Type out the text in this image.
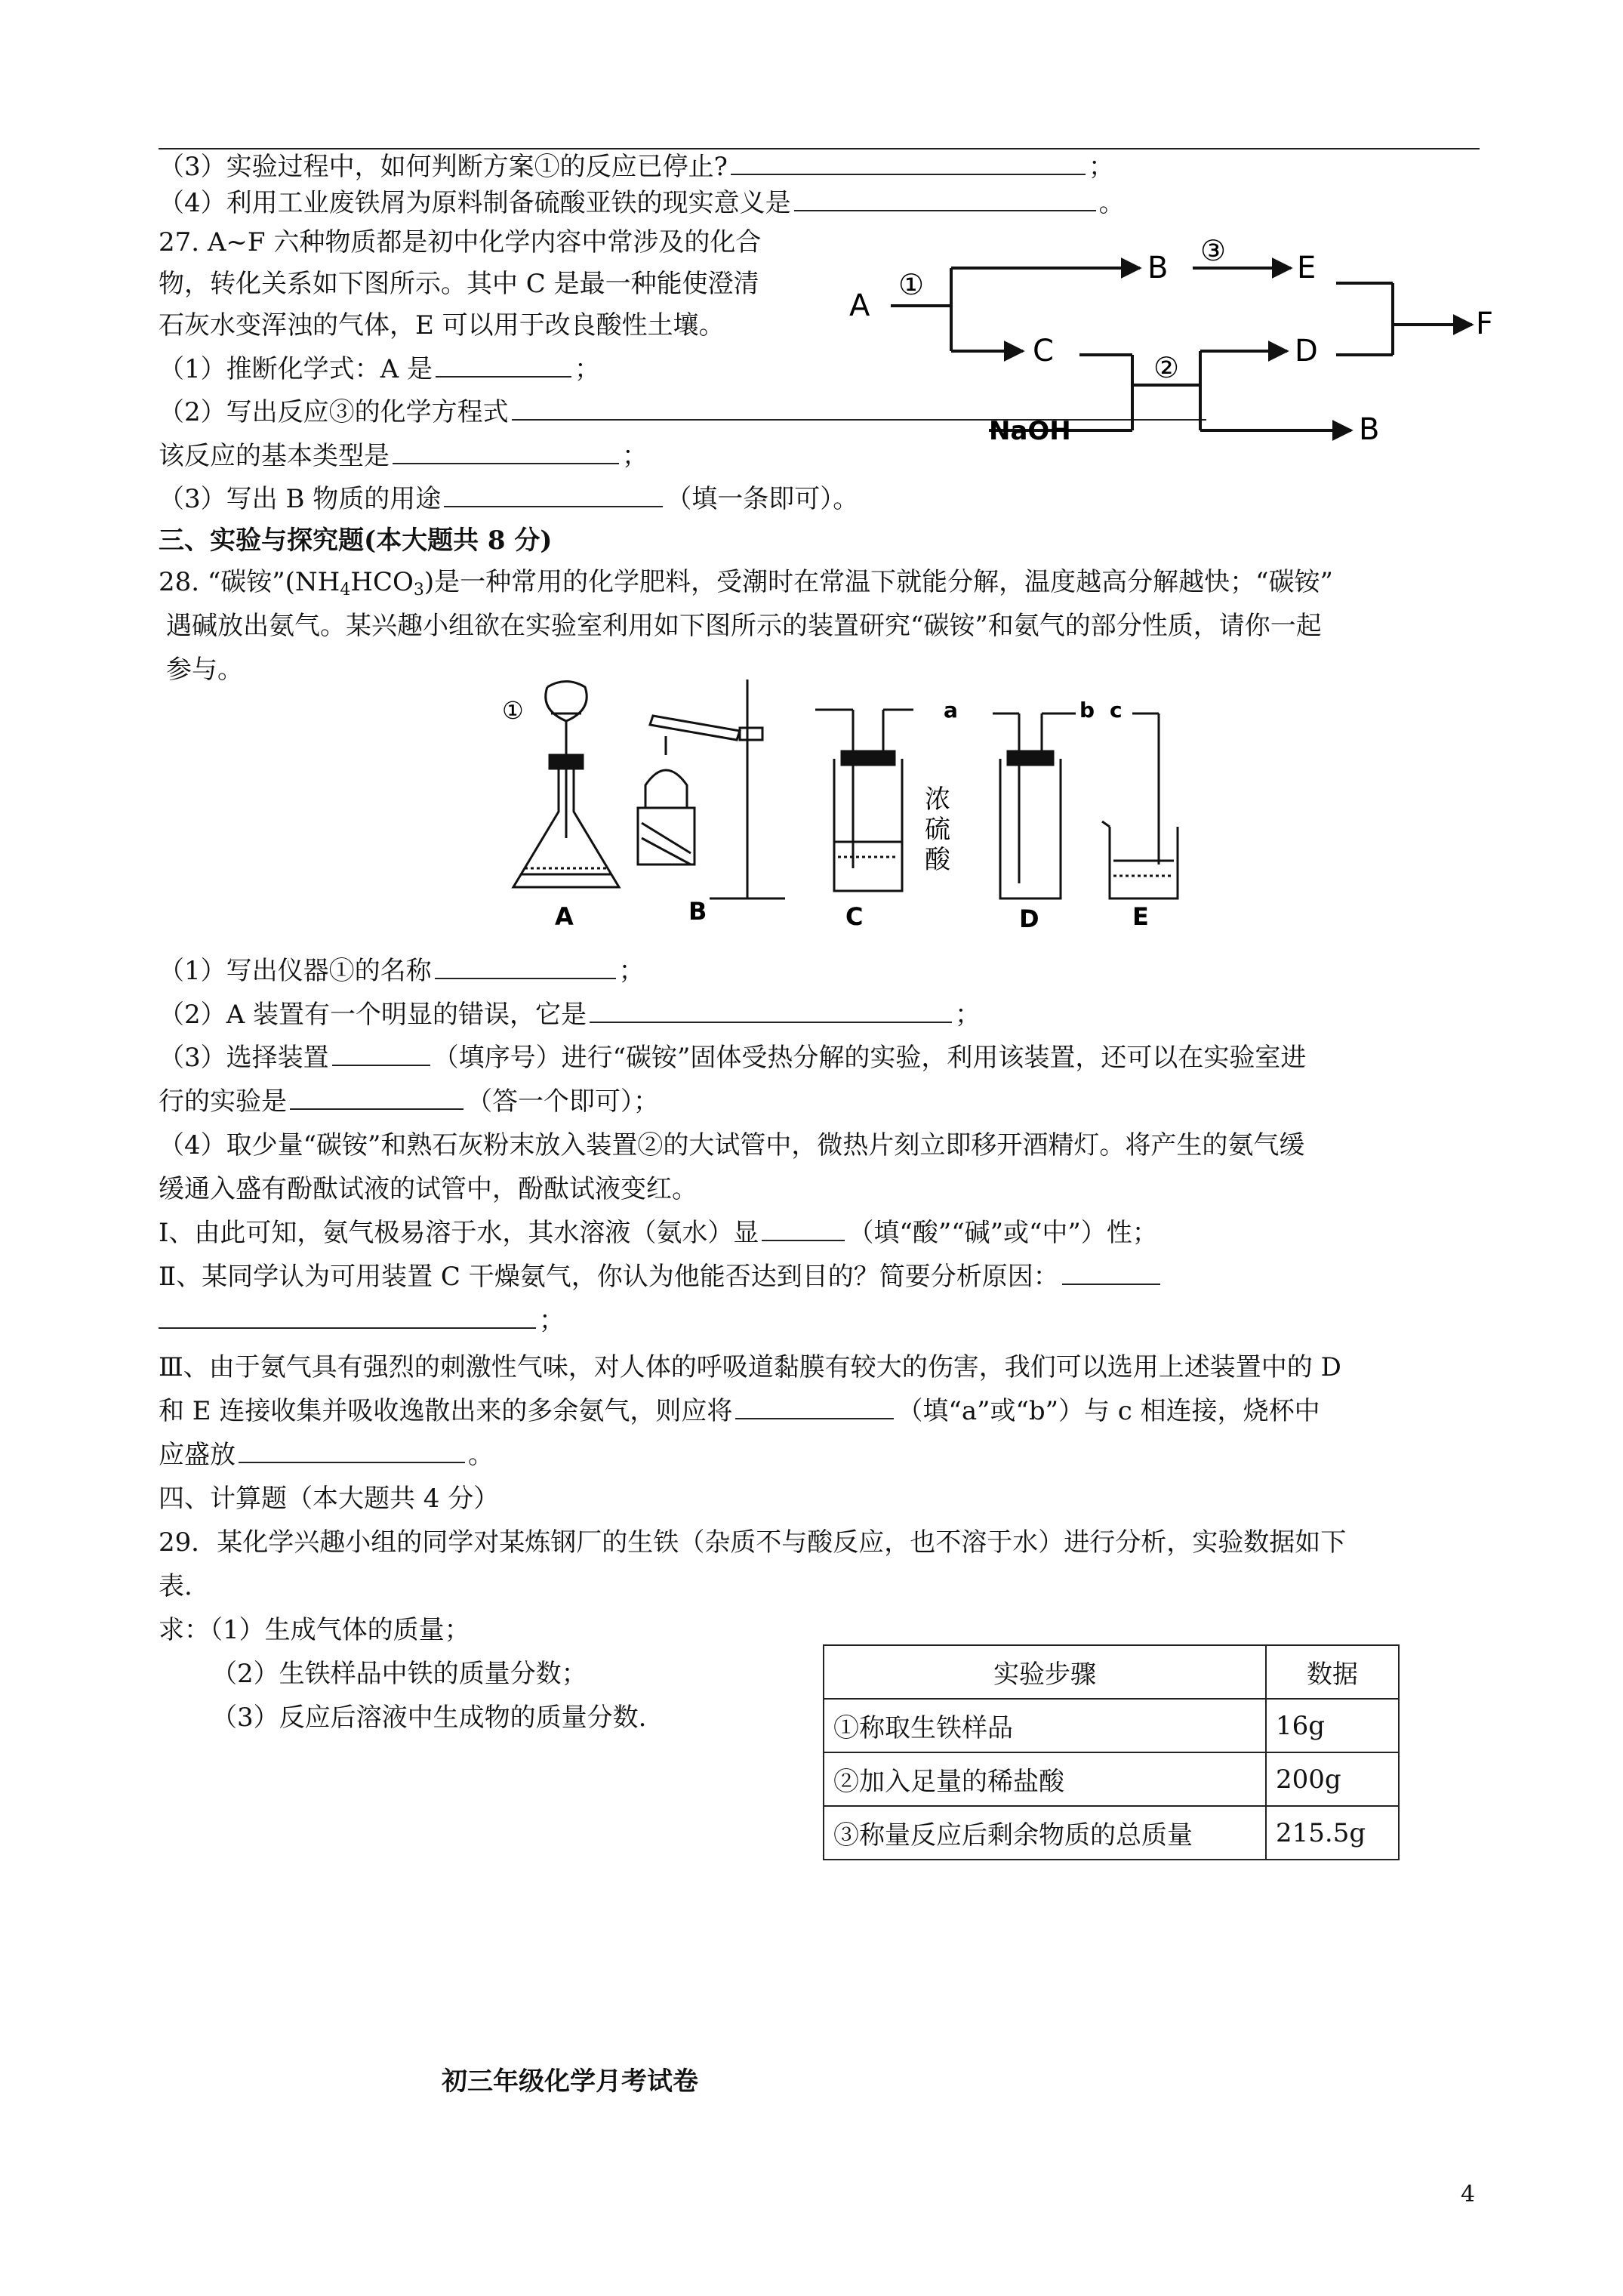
（3）实验过程中，如何判断方案①的反应已停止?	；
（4）利用工业废铁屑为原料制备硫酸亚铁的现实意义是	。
27. A~F 六种物质都是初中化学内容中常涉及的化合
物，转化关系如下图所示。其中 C 是最一种能使澄清
石灰水变浑浊的气体，E 可以用于改良酸性土壤。
（1）推断化学式：A 是	；
（2）写出反应③的化学方程式
该反应的基本类型是	；
（3）写出 B 物质的用途	（填一条即可）。
A
①	B ③ E
F
C	②	D
NaOH	B
三、实验与探究题(本大题共 8 分)
28. “碳铵$”(NH_4HCO_3)$是一种常用的化学肥料，受潮时在常温下就能分解，温度越高分解越快；“碳铵”
遇碱放出氨气。某兴趣小组欲在实验室利用如下图所示的装置研究“碳铵”和氨气的部分性质，请你一起
参与。
①
A	B	C
浓
硫
酸
D	E
a	b c
（1）写出仪器①的名称	；
（2）A 装置有一个明显的错误，它是	；
（3）选择装置	（填序号）进行“碳铵”固体受热分解的实验，利用该装置，还可以在实验室进
行的实验是	（答一个即可）；
（4）取少量“碳铵”和熟石灰粉末放入装置②的大试管中，微热片刻立即移开酒精灯。将产生的氨气缓
缓通入盛有酚酞试液的试管中，酚酞试液变红。
Ⅰ、由此可知，氨气极易溶于水，其水溶液（氨水）显	（填“酸”“碱”或“中”）性；
Ⅱ、某同学认为可用装置 C 干燥氨气，你认为他能否达到目的？简要分析原因：
；
Ⅲ、由于氨气具有强烈的刺激性气味，对人体的呼吸道黏膜有较大的伤害，我们可以选用上述装置中的 D
和 E 连接收集并吸收逸散出来的多余氨气，则应将	（填“a”或“b”）与 c 相连接，烧杯中
应盛放	。
四、计算题（本大题共 4 分）
29．某化学兴趣小组的同学对某炼钢厂的生铁（杂质不与酸反应，也不溶于水）进行分析，实验数据如下
表.
求：（1）生成气体的质量；
（2）生铁样品中铁的质量分数；
（3）反应后溶液中生成物的质量分数.
实验步骤	数据
①称取生铁样品	16g
②加入足量的稀盐酸	200g
③称量反应后剩余物质的总质量	215.5g
初三年级化学月考试卷
4
